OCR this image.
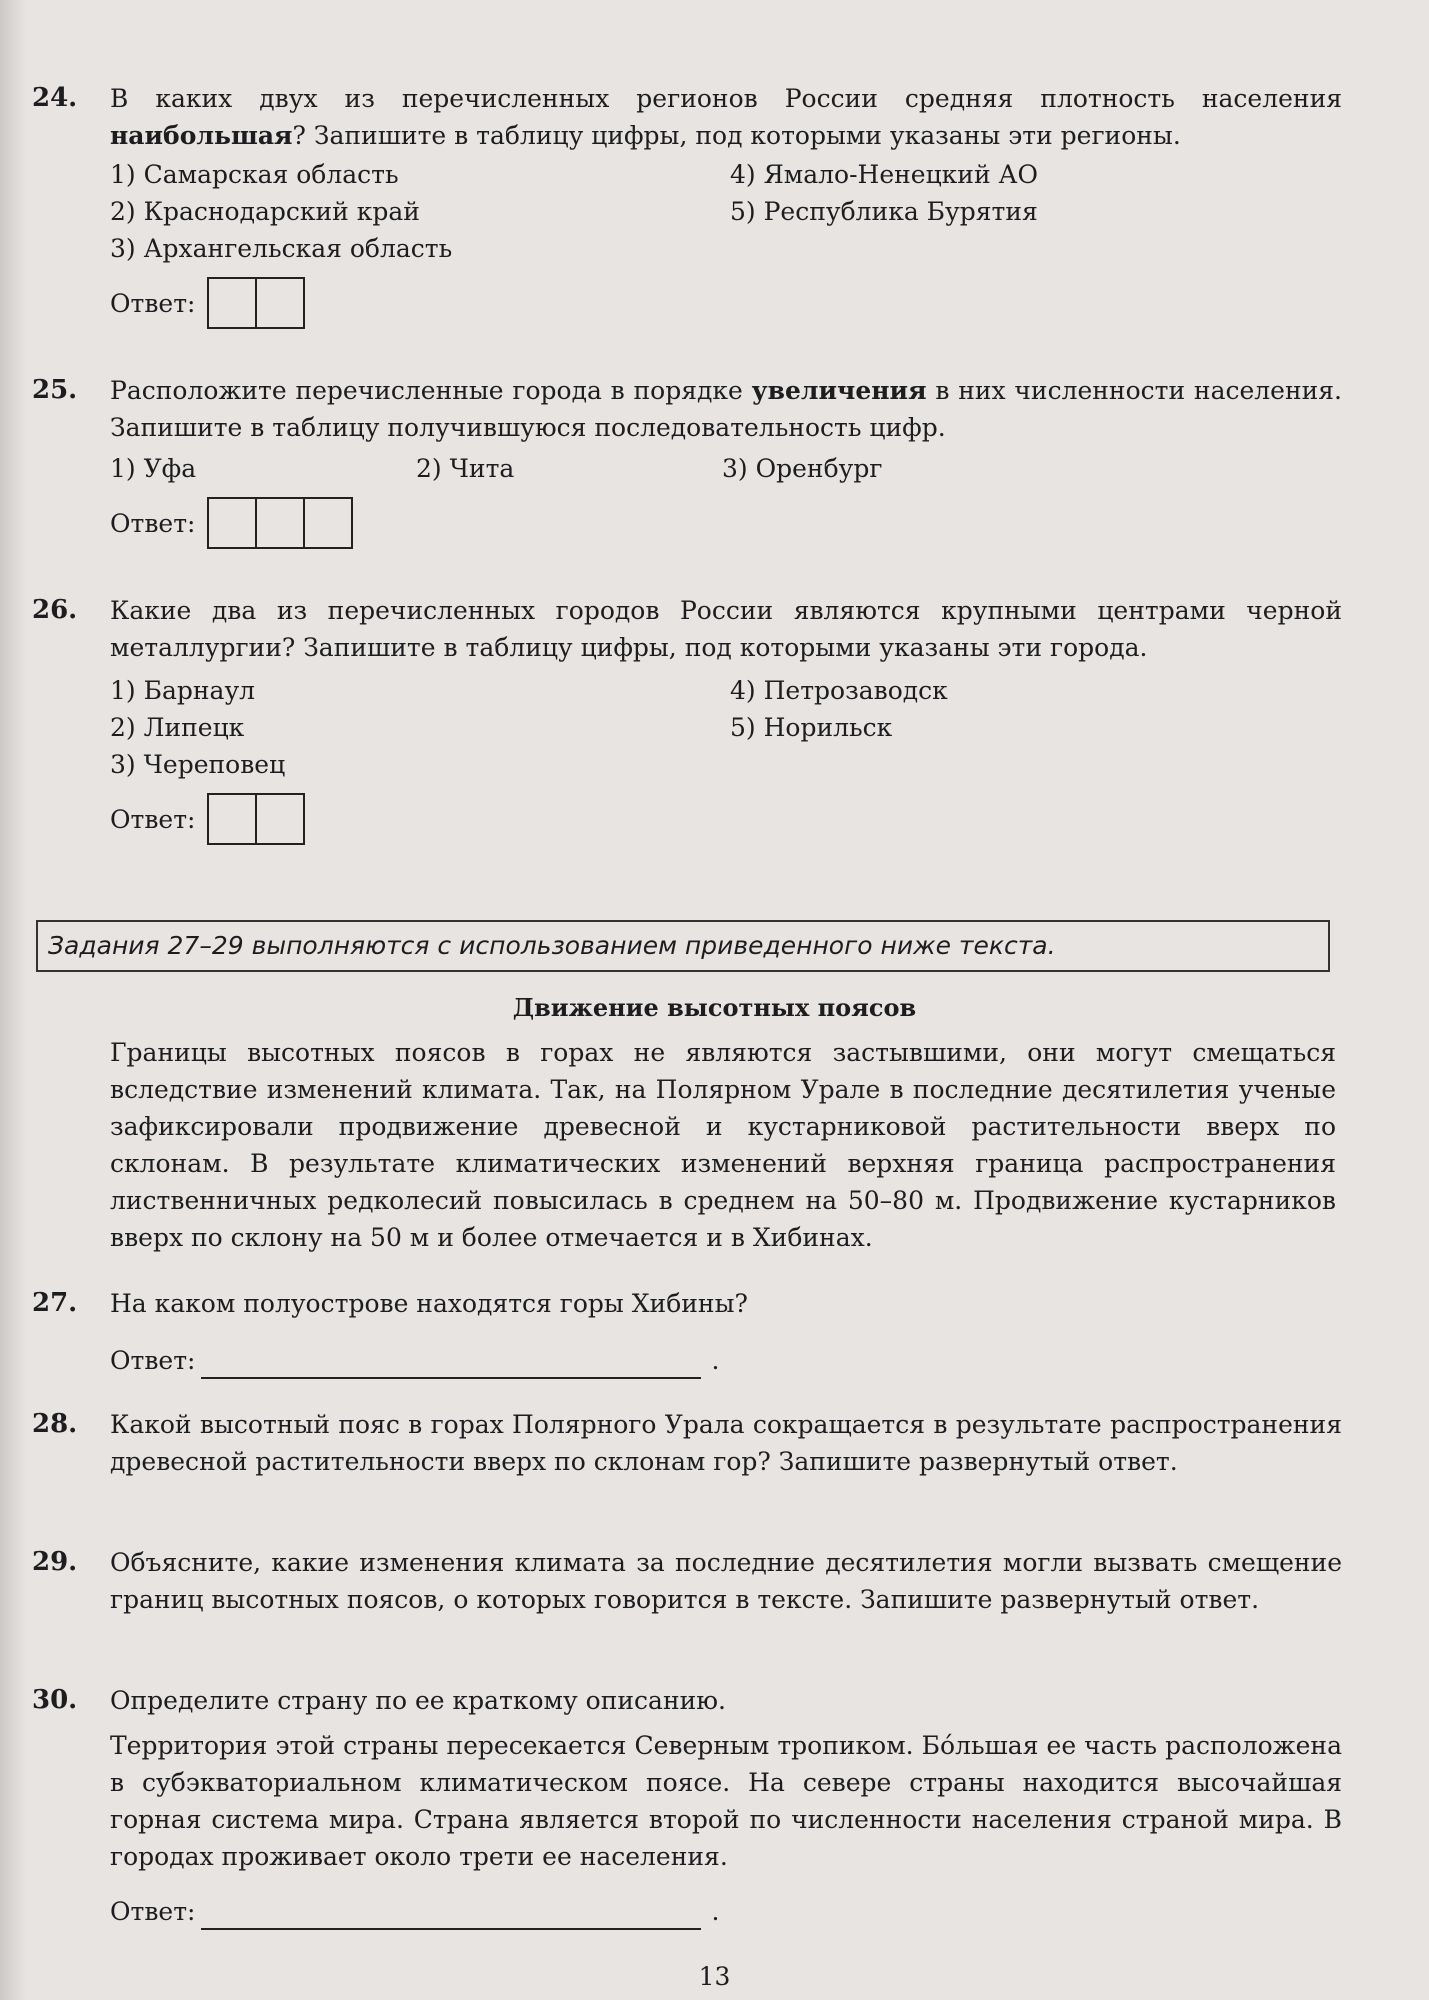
24. В каких двух из перечисленных регионов России средняя плотность населения наибольшая? Запишите в таблицу цифры, под которыми указаны эти регионы.
1) Самарская область	4) Ямало-Ненецкий АО
2) Краснодарский край	5) Республика Бурятия
3) Архангельская область
Ответ:
25. Расположите перечисленные города в порядке увеличения в них численности населения. Запишите в таблицу получившуюся последовательность цифр.
1) Уфа	2) Чита	3) Оренбург
Ответ:
26. Какие два из перечисленных городов России являются крупными центрами черной металлургии? Запишите в таблицу цифры, под которыми указаны эти города.
1) Барнаул	4) Петрозаводск
2) Липецк	5) Норильск
3) Череповец
Ответ:
Задания 27–29 выполняются с использованием приведенного ниже текста.
Движение высотных поясов
Границы высотных поясов в горах не являются застывшими, они могут смещаться вследствие изменений климата. Так, на Полярном Урале в последние десятилетия ученые зафиксировали продвижение древесной и кустарниковой растительности вверх по склонам. В результате климатических изменений верхняя граница распространения лиственничных редколесий повысилась в среднем на 50–80 м. Продвижение кустарников вверх по склону на 50 м и более отмечается и в Хибинах.
27. На каком полуострове находятся горы Хибины?
Ответ:	.
28. Какой высотный пояс в горах Полярного Урала сокращается в результате распространения древесной растительности вверх по склонам гор? Запишите развернутый ответ.
29. Объясните, какие изменения климата за последние десятилетия могли вызвать смещение границ высотных поясов, о которых говорится в тексте. Запишите развернутый ответ.
30. Определите страну по ее краткому описанию.
Территория этой страны пересекается Северным тропиком. Бо́льшая ее часть расположена в субэкваториальном климатическом поясе. На севере страны находится высочайшая горная система мира. Страна является второй по численности населения страной мира. В городах проживает около трети ее населения.
Ответ:	.
13
